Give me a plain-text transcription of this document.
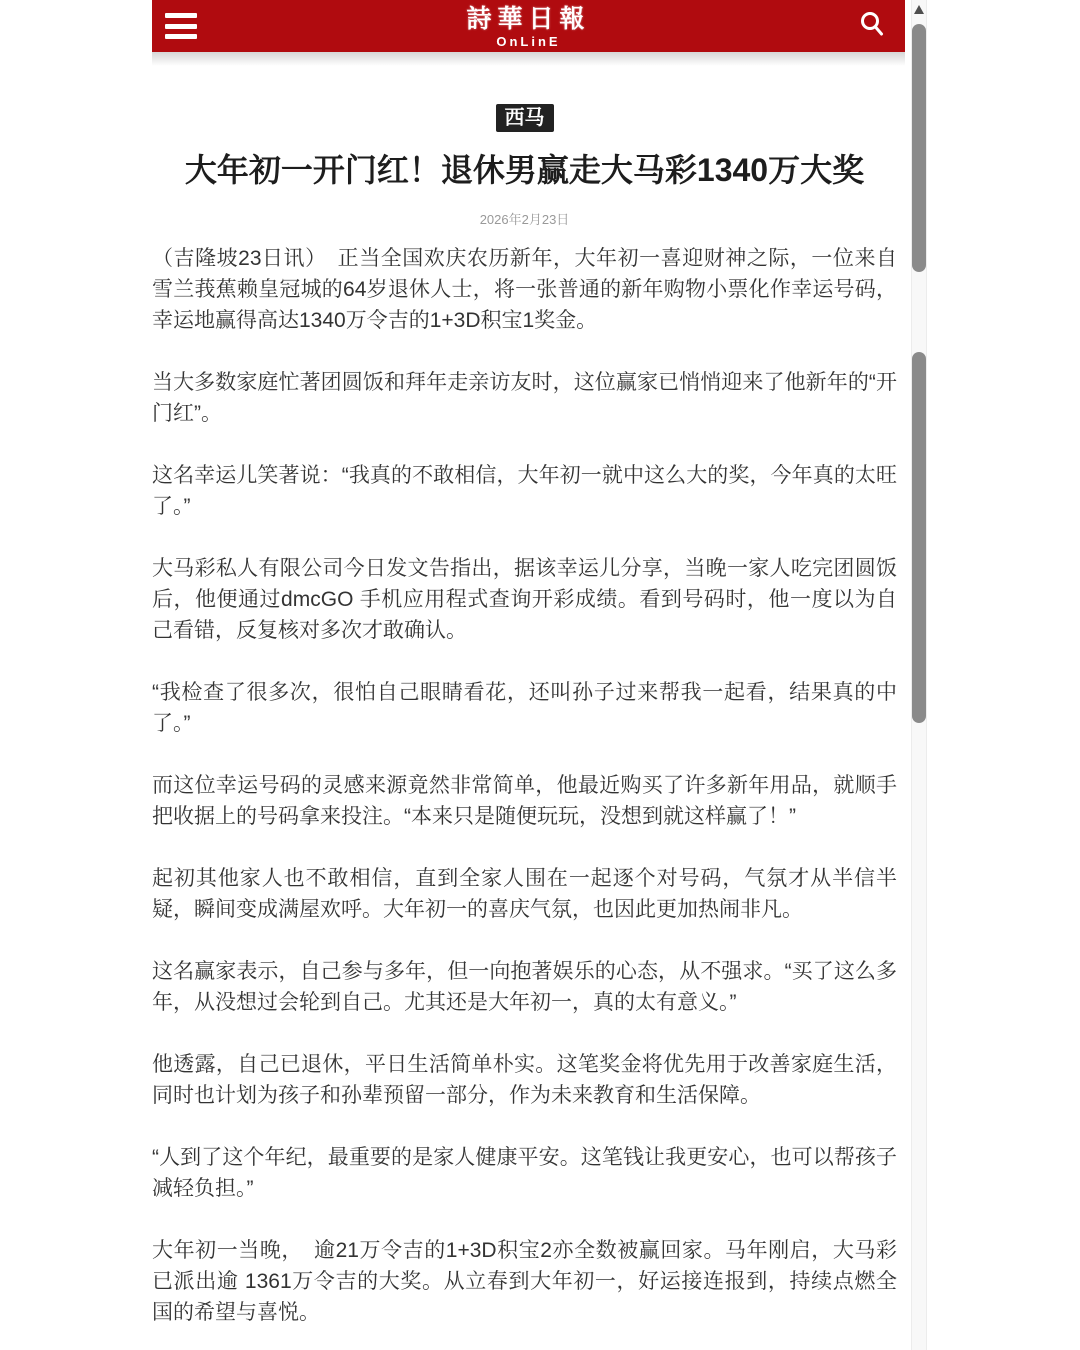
詩華日報
OnLinE
西马
大年初一开门红！退休男赢走大马彩1340万大奖
2026年2月23日

（吉隆坡23日讯）　正当全国欢庆农历新年，大年初一喜迎财神之际，一位来自雪兰莪蕉赖皇冠城的64岁退休人士，将一张普通的新年购物小票化作幸运号码，幸运地赢得高达1340万令吉的1+3D积宝1奖金。

当大多数家庭忙著团圆饭和拜年走亲访友时，这位赢家已悄悄迎来了他新年的“开门红”。

这名幸运儿笑著说：“我真的不敢相信，大年初一就中这么大的奖，今年真的太旺了。”

大马彩私人有限公司今日发文告指出，据该幸运儿分享，当晚一家人吃完团圆饭后，他便通过dmcGO 手机应用程式查询开彩成绩。看到号码时，他一度以为自己看错，反复核对多次才敢确认。

“我检查了很多次，很怕自己眼睛看花，还叫孙子过来帮我一起看，结果真的中了。”

而这位幸运号码的灵感来源竟然非常简单，他最近购买了许多新年用品，就顺手把收据上的号码拿来投注。“本来只是随便玩玩，没想到就这样赢了！”

起初其他家人也不敢相信，直到全家人围在一起逐个对号码，气氛才从半信半疑，瞬间变成满屋欢呼。大年初一的喜庆气氛，也因此更加热闹非凡。

这名赢家表示，自己参与多年，但一向抱著娱乐的心态，从不强求。“买了这么多年，从没想过会轮到自己。尤其还是大年初一，真的太有意义。”

他透露，自己已退休，平日生活简单朴实。这笔奖金将优先用于改善家庭生活，同时也计划为孩子和孙辈预留一部分，作为未来教育和生活保障。

“人到了这个年纪，最重要的是家人健康平安。这笔钱让我更安心，也可以帮孩子减轻负担。”

大年初一当晚，　逾21万令吉的1+3D积宝2亦全数被赢回家。马年刚启，大马彩已派出逾 1361万令吉的大奖。从立春到大年初一，好运接连报到，持续点燃全国的希望与喜悦。
